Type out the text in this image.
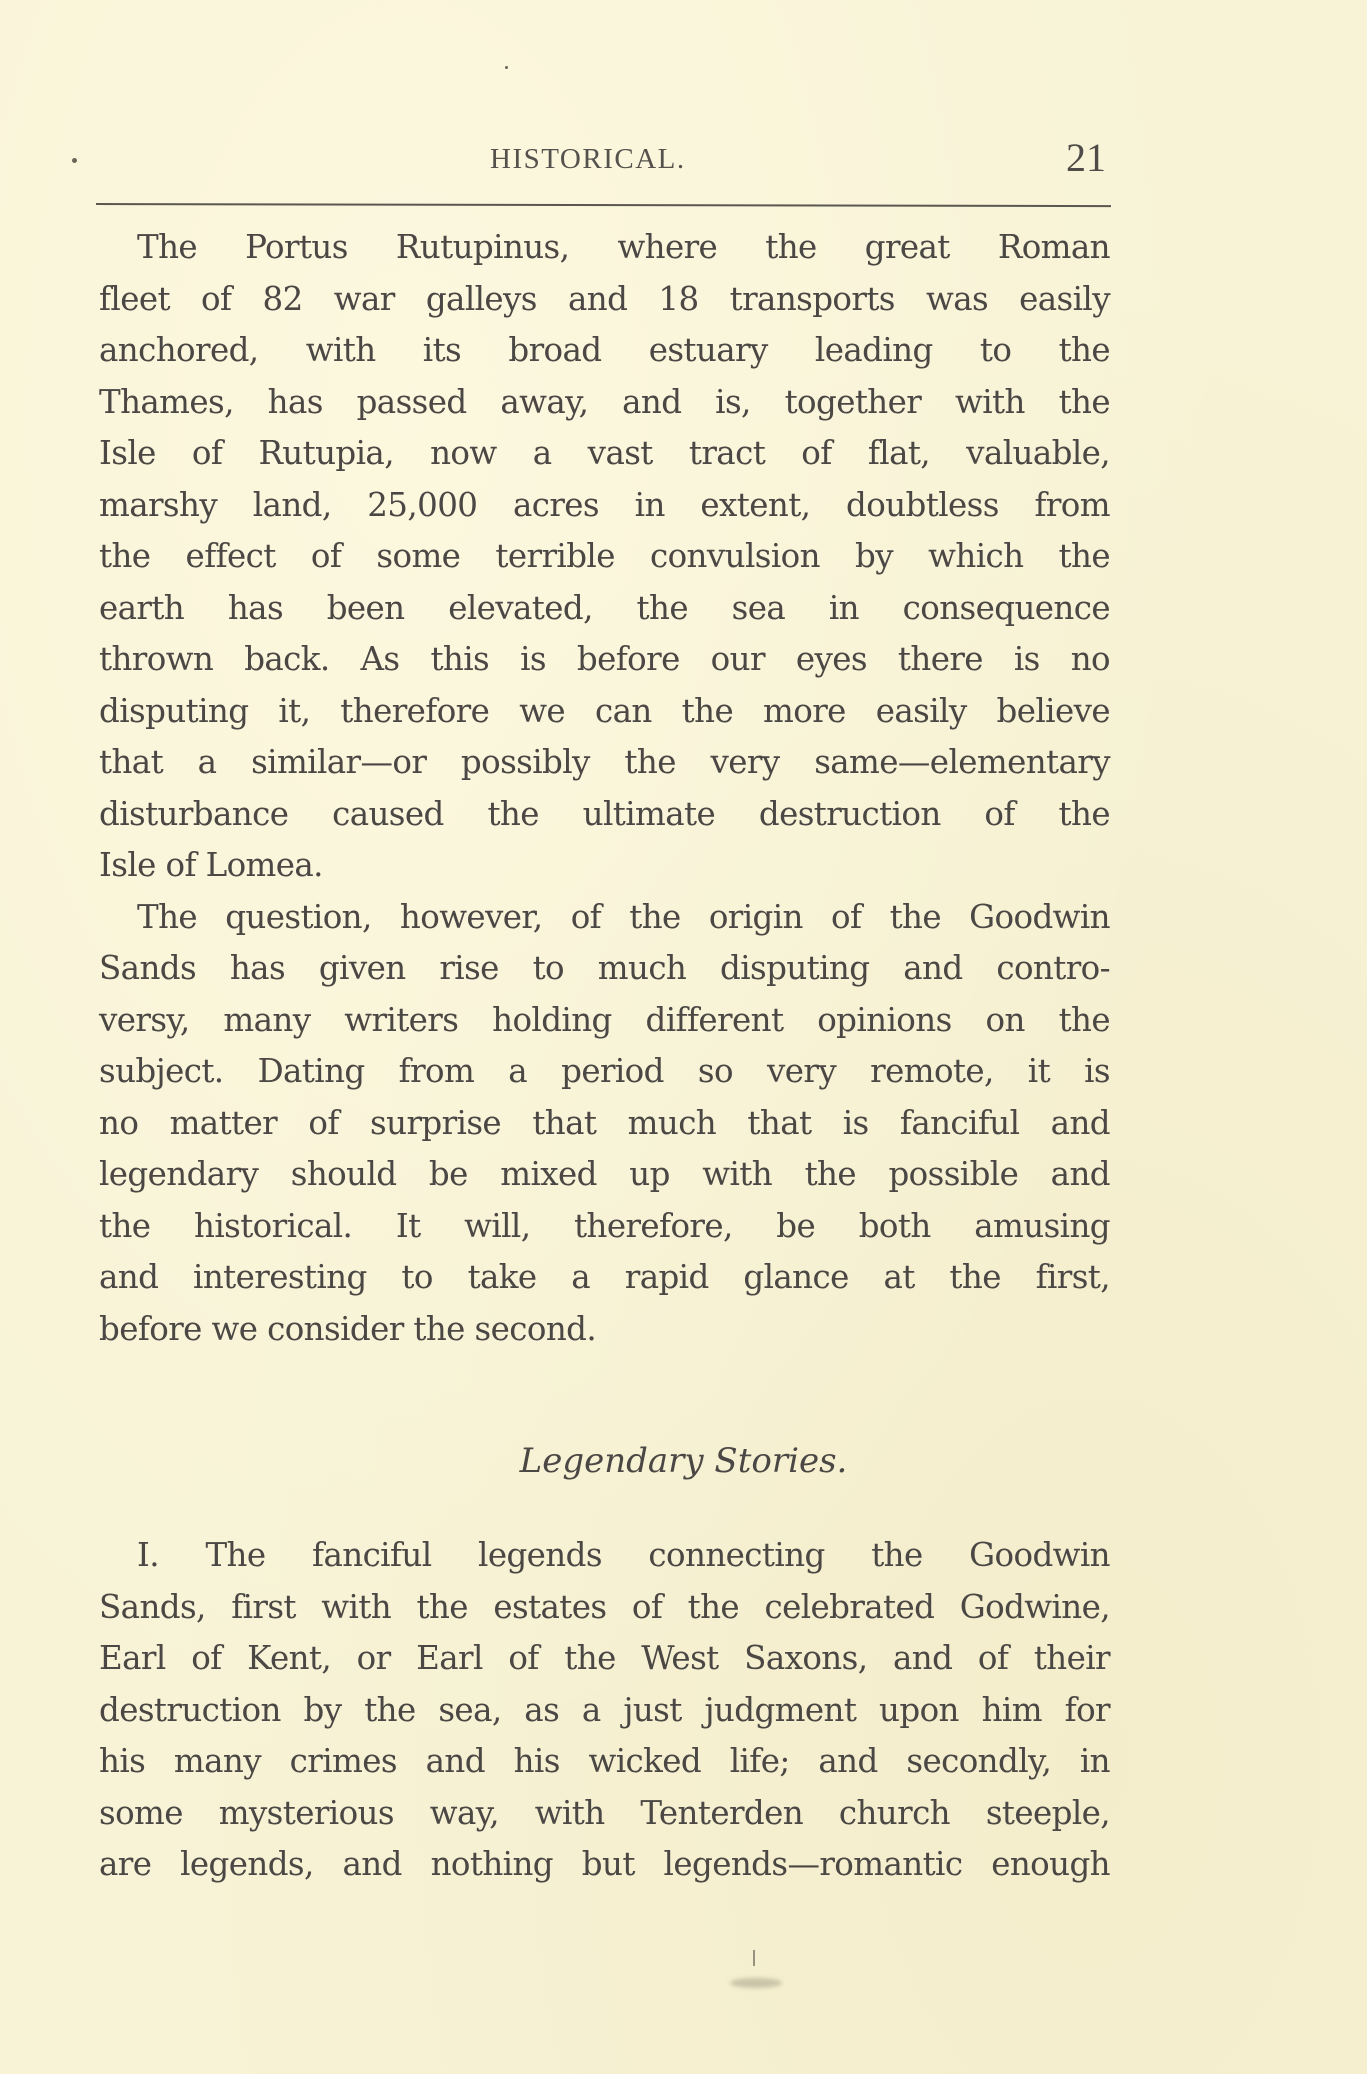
HISTORICAL.	21
The Portus Rutupinus, where the great Roman
fleet of 82 war galleys and 18 transports was easily
anchored, with its broad estuary leading to the
Thames, has passed away, and is, together with the
Isle of Rutupia, now a vast tract of flat, valuable,
marshy land, 25,000 acres in extent, doubtless from
the effect of some terrible convulsion by which the
earth has been elevated, the sea in consequence
thrown back. As this is before our eyes there is no
disputing it, therefore we can the more easily believe
that a similar—or possibly the very same—elementary
disturbance caused the ultimate destruction of the
Isle of Lomea.
The question, however, of the origin of the Goodwin
Sands has given rise to much disputing and contro-
versy, many writers holding different opinions on the
subject. Dating from a period so very remote, it is
no matter of surprise that much that is fanciful and
legendary should be mixed up with the possible and
the historical. It will, therefore, be both amusing
and interesting to take a rapid glance at the first,
before we consider the second.
Legendary Stories.
I. The fanciful legends connecting the Goodwin
Sands, first with the estates of the celebrated Godwine,
Earl of Kent, or Earl of the West Saxons, and of their
destruction by the sea, as a just judgment upon him for
his many crimes and his wicked life; and secondly, in
some mysterious way, with Tenterden church steeple,
are legends, and nothing but legends—romantic enough
